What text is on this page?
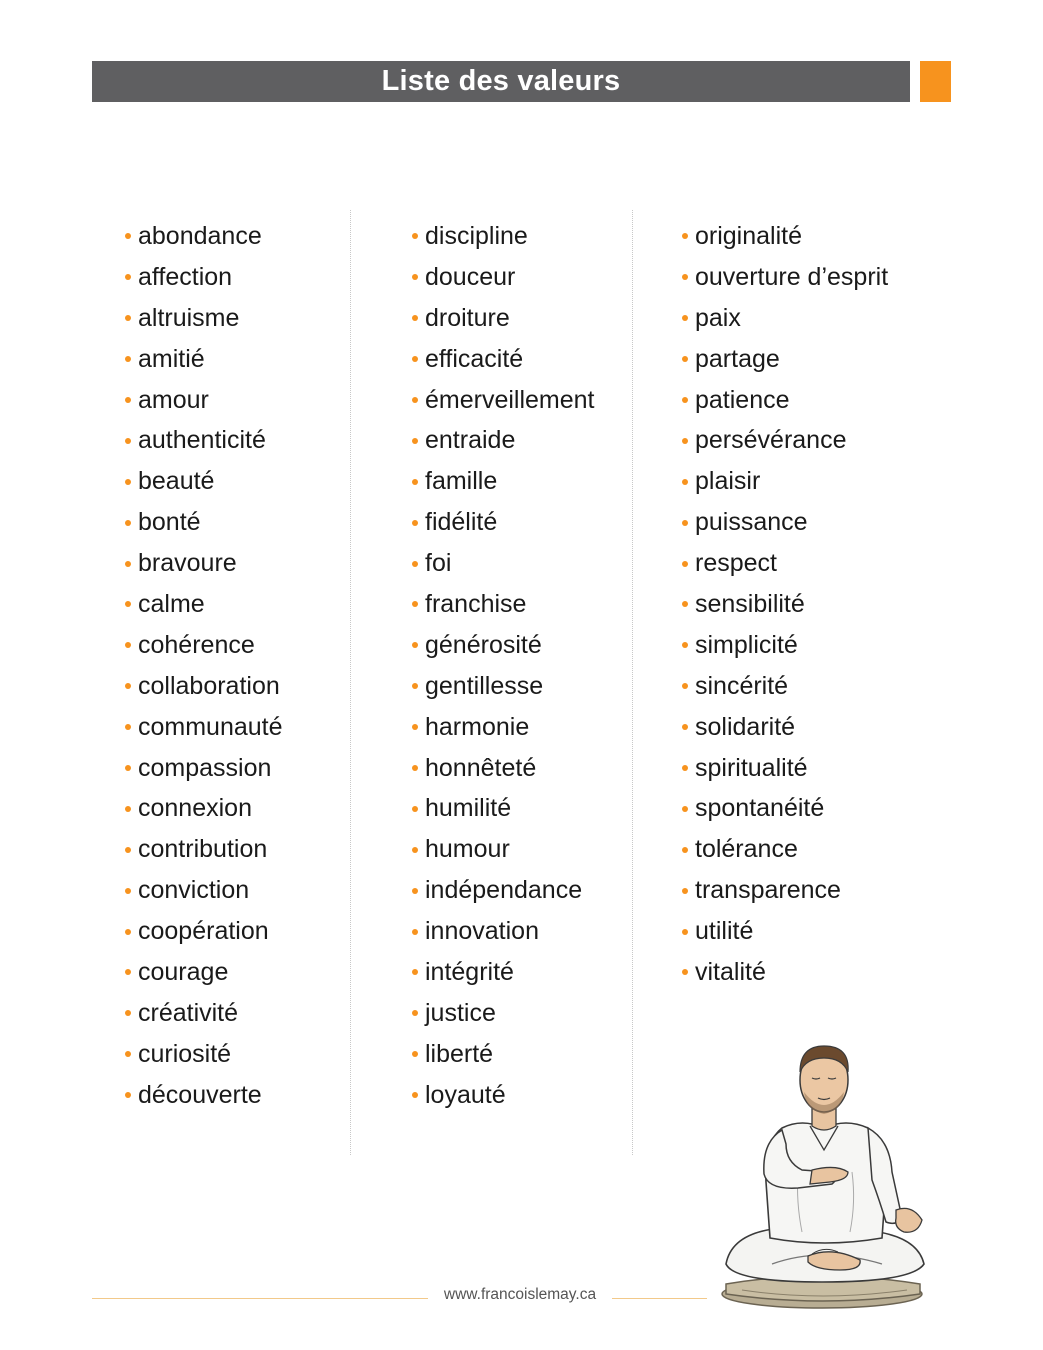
Liste des valeurs
abondance
affection
altruisme
amitié
amour
authenticité
beauté
bonté
bravoure
calme
cohérence
collaboration
communauté
compassion
connexion
contribution
conviction
coopération
courage
créativité
curiosité
découverte
discipline
douceur
droiture
efficacité
émerveillement
entraide
famille
fidélité
foi
franchise
générosité
gentillesse
harmonie
honnêteté
humilité
humour
indépendance
innovation
intégrité
justice
liberté
loyauté
originalité
ouverture d’esprit
paix
partage
patience
persévérance
plaisir
puissance
respect
sensibilité
simplicité
sincérité
solidarité
spiritualité
spontanéité
tolérance
transparence
utilité
vitalité
www.francoislemay.ca
